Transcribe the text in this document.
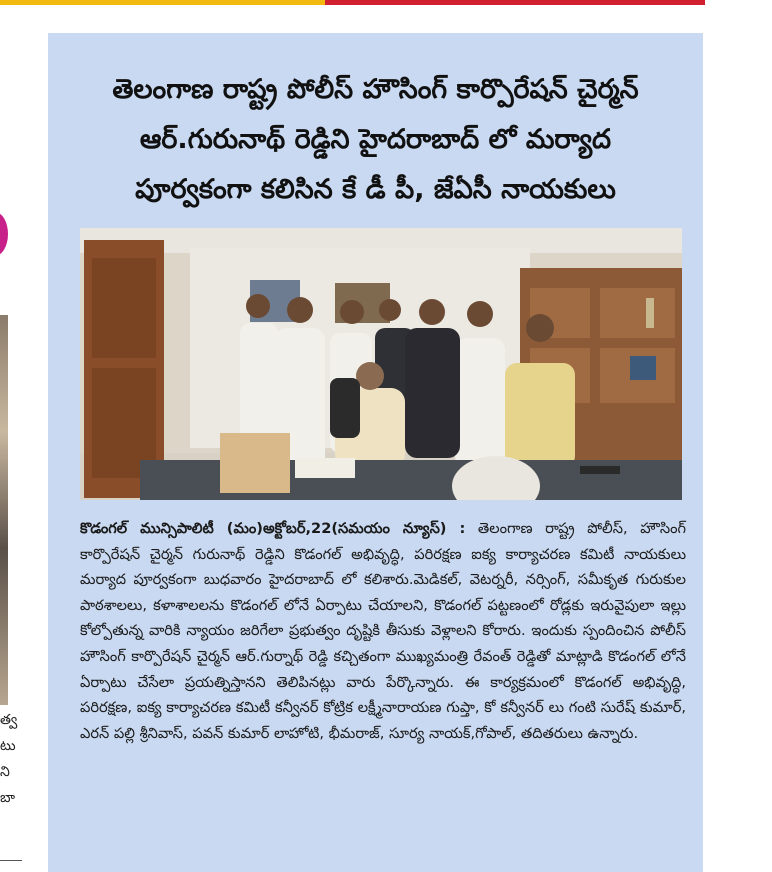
త్వ
టు
ని
బా
తెలంగాణ రాష్ట్ర పోలీస్ హౌసింగ్ కార్పొరేషన్ చైర్మన్
ఆర్.గురునాథ్ రెడ్డిని హైదరాబాద్ లో మర్యాద
పూర్వకంగా కలిసిన కే డీ పీ, జేఏసీ నాయకులు
కొడంగల్ మున్సిపాలిటీ (మం)అక్టోబర్,22(సమయం న్యూస్) : తెలంగాణ రాష్ట్ర పోలీస్, హౌసింగ్ కార్పొరేషన్ చైర్మన్ గురునాథ్ రెడ్డిని కొడంగల్ అభివృద్ధి, పరిరక్షణ ఐక్య కార్యాచరణ కమిటీ నాయకులు మర్యాద పూర్వకంగా బుధవారం హైదరాబాద్ లో కలిశారు.మెడికల్, వెటర్నరీ, నర్సింగ్, సమీకృత గురుకుల పాఠశాలలు, కళాశాలలను కొడంగల్ లోనే ఏర్పాటు చేయాలని, కొడంగల్ పట్టణంలో రోడ్లకు ఇరువైపులా ఇల్లు కోల్పోతున్న వారికి న్యాయం జరిగేలా ప్రభుత్వం దృష్టికి తీసుకు వెళ్లాలని కోరారు. ఇందుకు స్పందించిన పోలీస్ హౌసింగ్ కార్పొరేషన్ చైర్మన్ ఆర్.గుర్నాథ్ రెడ్డి కచ్చితంగా ముఖ్యమంత్రి రేవంత్ రెడ్డితో మాట్లాడి కొడంగల్ లోనే ఏర్పాటు చేసేలా ప్రయత్నిస్తానని తెలిపినట్లు వారు పేర్కొన్నారు. ఈ కార్యక్రమంలో కొడంగల్ అభివృద్ధి, పరిరక్షణ, ఐక్య కార్యాచరణ కమిటీ కన్వీనర్ కోట్రిక లక్ష్మీనారాయణ గుప్తా, కో కన్వీనర్ లు గంటి సురేష్ కుమార్, ఎరన్ పల్లి శ్రీనివాస్, పవన్ కుమార్ లాహోటి, భీమరాజ్, సూర్య నాయక్,గోపాల్, తదితరులు ఉన్నారు.
